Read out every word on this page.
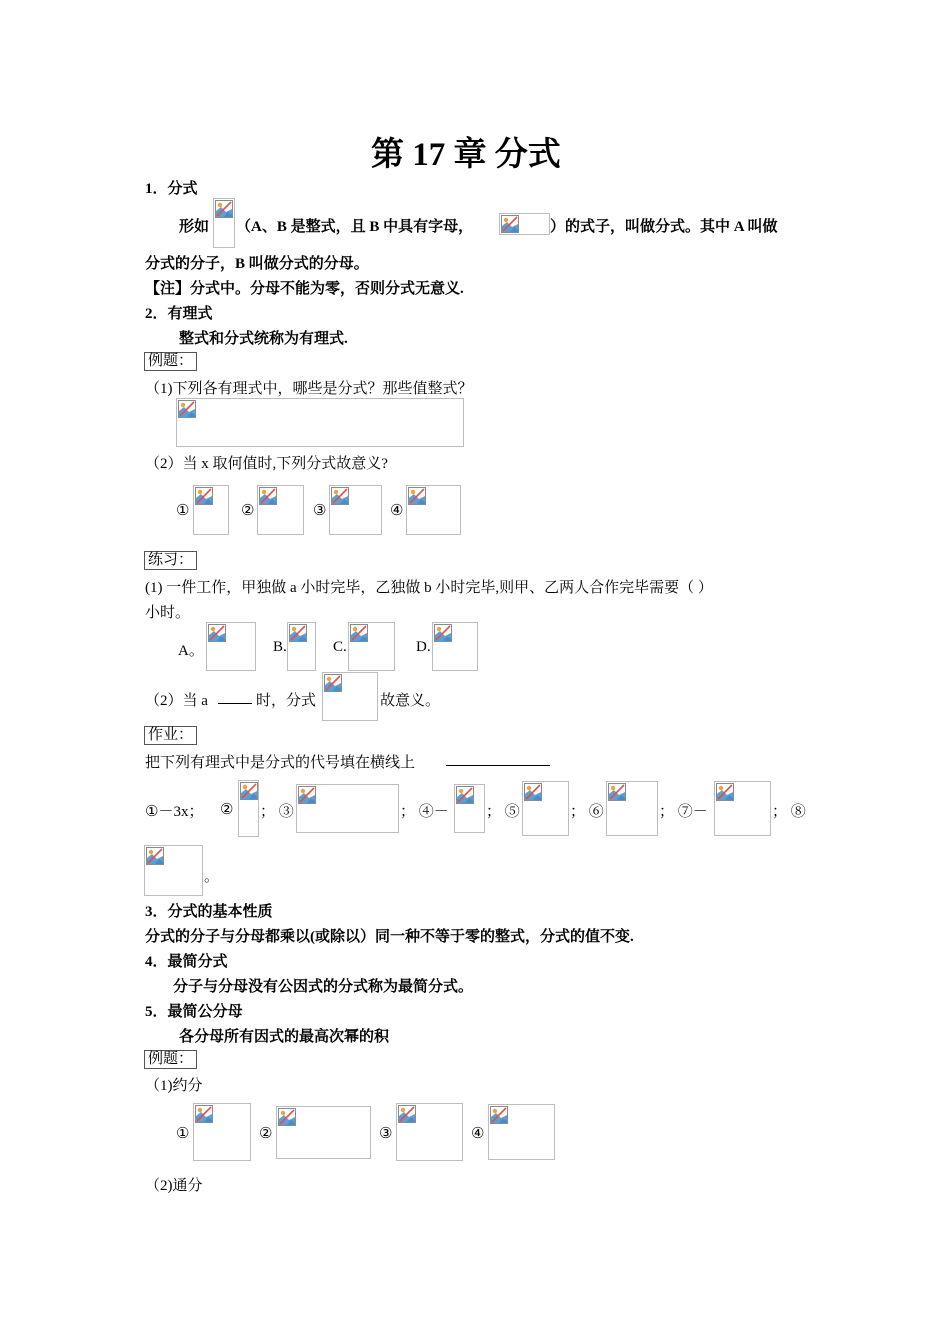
第 17 章 分式
1．分式
形如 （A、B 是整式，且 B 中具有字母，	）的式子，叫做分式。其中 A 叫做
分式的分子，B 叫做分式的分母。
【注】分式中。分母不能为零，否则分式无意义.
2．有理式
整式和分式统称为有理式.
例题：
（1)下列各有理式中，哪些是分式？那些值整式？
（2）当 x 取何值时,下列分式故意义?
①	②	③	④
练习：
(1) 一件工作，甲独做 a 小时完毕，乙独做 b 小时完毕,则甲、乙两人合作完毕需要（ ）
小时。
A。	B.	C.	D.
（2）当 a	时，分式	故意义。
作业：
把下列有理式中是分式的代号填在横线上
①－3x； ② ； ③	； ④－ ； ⑤	； ⑥	； ⑦－	； ⑧
。
3．分式的基本性质
分式的分子与分母都乘以(或除以）同一种不等于零的整式，分式的值不变.
4．最简分式
分子与分母没有公因式的分式称为最简分式。
5．最简公分母
各分母所有因式的最高次幂的积
例题：
（1)约分
①	②	③	④
（2)通分
